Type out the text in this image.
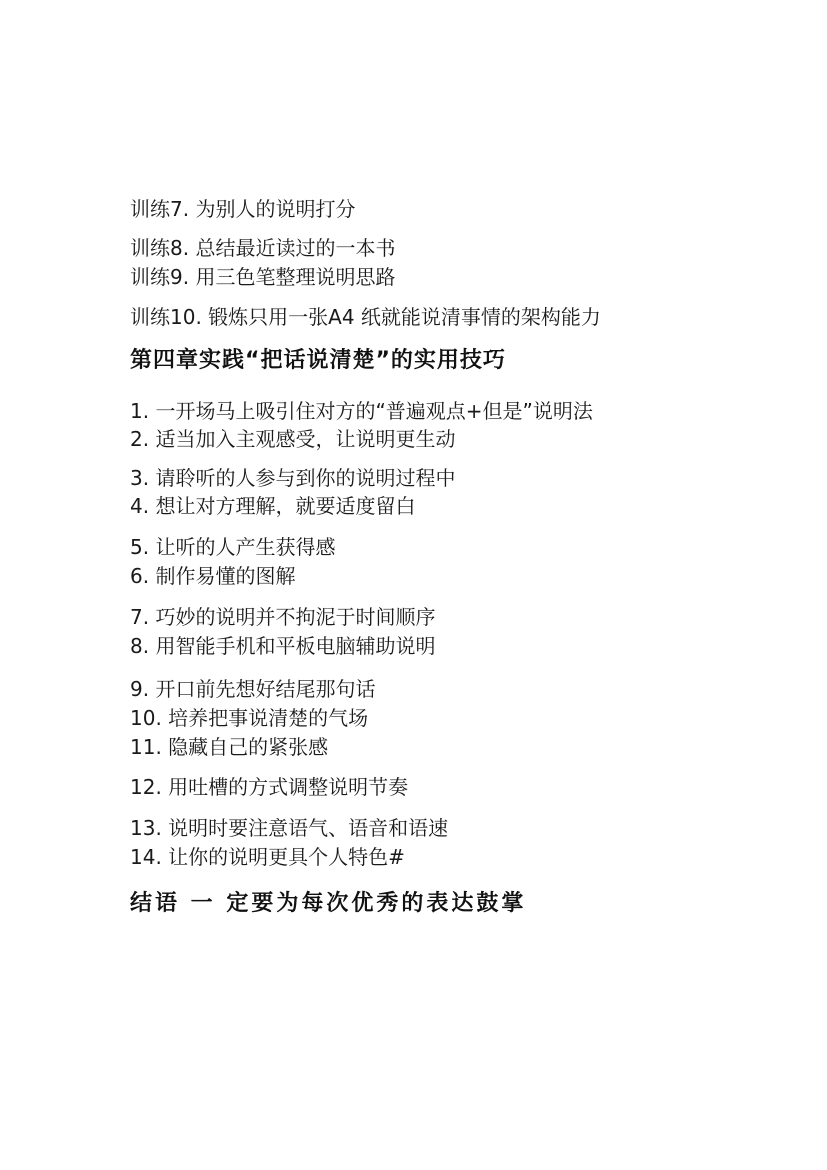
训练7. 为别人的说明打分
训练8. 总结最近读过的一本书
训练9. 用三色笔整理说明思路
训练10. 锻炼只用一张A4 纸就能说清事情的架构能力
第四章实践“把话说清楚”的实用技巧
1. 一开场马上吸引住对方的“普遍观点+但是”说明法
2. 适当加入主观感受，让说明更生动
3. 请聆听的人参与到你的说明过程中
4. 想让对方理解，就要适度留白
5. 让听的人产生获得感
6. 制作易懂的图解
7. 巧妙的说明并不拘泥于时间顺序
8. 用智能手机和平板电脑辅助说明
9. 开口前先想好结尾那句话
10. 培养把事说清楚的气场
11. 隐藏自己的紧张感
12. 用吐槽的方式调整说明节奏
13. 说明时要注意语气、语音和语速
14. 让你的说明更具个人特色#
结语 一 定要为每次优秀的表达鼓掌
